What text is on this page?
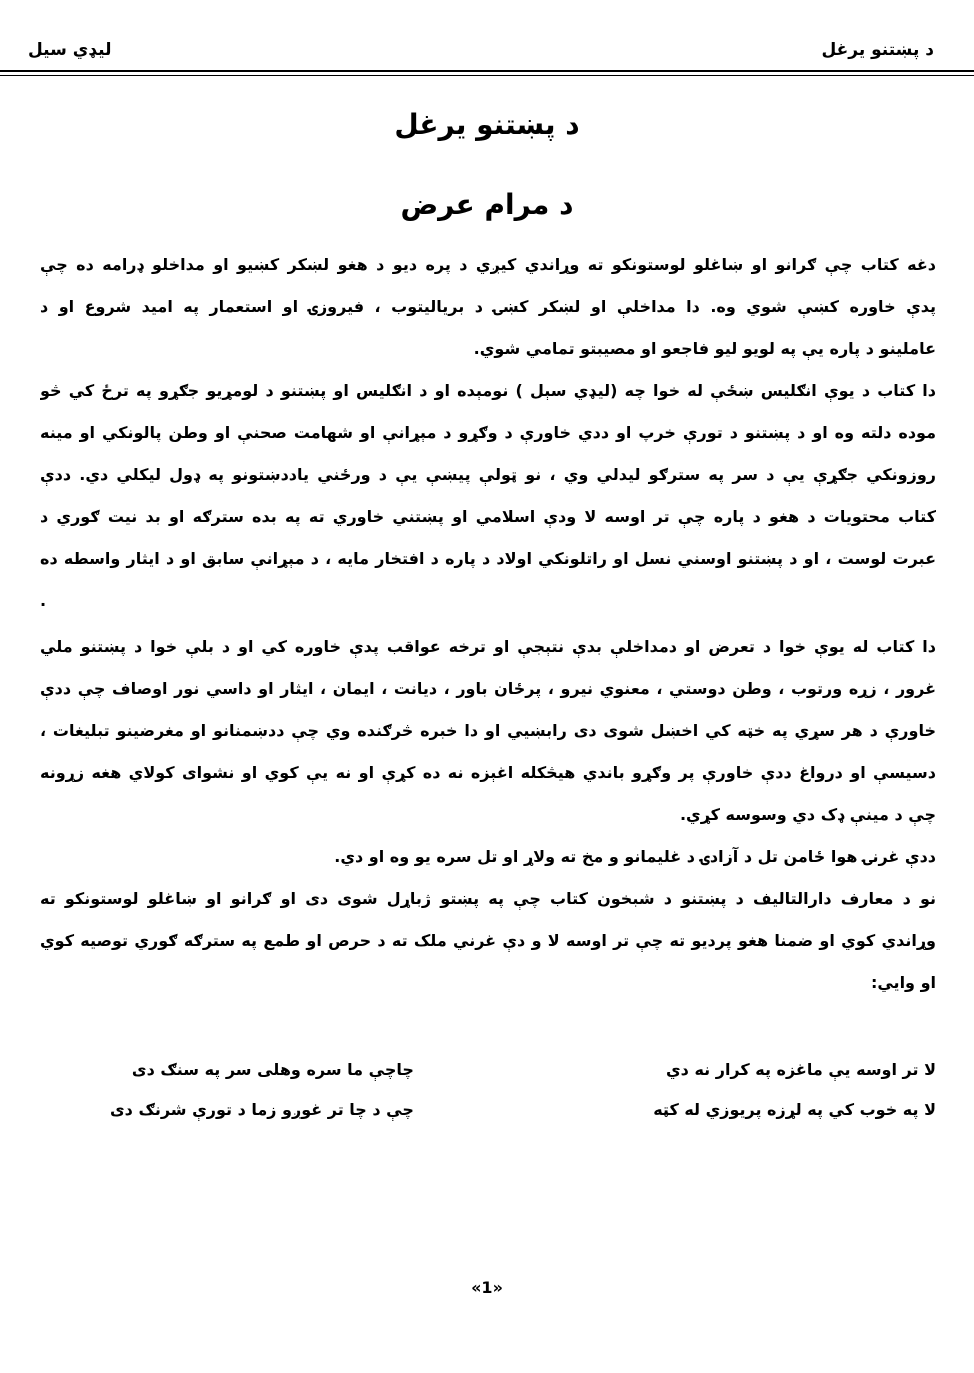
د پښتنو يرغل
ليډي سيل
د پښتنو يرغل
د مرام عرض
دغه کتاب چې ګرانو او ښاغلو لوستونکو ته وړاندي کيږي د پره ديو د هغو لښکر کښيو او مداخلو ډرامه ده چې
پدې خاوره کښې شوي وه. دا مداخلې او لښکر کښۍ د برياليتوب ، فيروزۍ او استعمار په اميد شروع او د
عاملينو د پاره يې په لويو ليو فاجعو او مصيبتو تمامي شوي.
دا کتاب د يوې انګليس ښځې له خوا چه (ليډي سېل ) نومېده او د انګليس او پښتنو د لومړيو جګړو په ترځ کي څو
موده دلته وه او د پښتنو د تورې خرپ او ددي خاورې د وګړو د مېړانې او شهامت صحنې او وطن پالونکي او مينه
روزونکي جګړې يې د سر په سترګو ليدلي وي ، نو ټولې پيښې يې د ورځني ياددښتونو په ډول ليکلي دي. ددې
کتاب محتويات د هغو د پاره چې تر اوسه لا ودې اسلامي او پښتني خاوري ته په بده سترګه او بد نيت ګوري د
عبرت لوست ، او د پښتنو اوسني نسل او راتلونکي اولاد د پاره د افتخار مايه ، د مېړانې سابق او د ايثار واسطه ده
.
دا کتاب له يوې خوا د تعرض او دمداخلې بدې نتېجې او ترخه عواقب پدې خاوره کي او د بلې خوا د پښتنو ملي
غرور ، زړه ورتوب ، وطن دوستي ، معنوي نيرو ، پرځان باور ، ديانت ، ايمان ، ايثار او داسي نور اوصاف چې ددې
خاورې د هر سړي په خټه کي اخښل شوی دی رابښيي او دا خبره څرګنده وي چې ددښمنانو او مغرضينو تبليغات ،
دسيسې او درواغ ددې خاورې پر وګړو باندي هيڅکله اغېزه نه ده کړې او نه يې کوي او نشوای کولاي هغه زړونه
چې د مينې ډک دي وسوسه کړي.
ددې غرنۍ هوا ځامن تل د آزادۍ د غليمانو و مخ ته ولاړ او تل سره يو وه او دي.
نو د معارف دارالتاليف د پښتنو د شبخون کتاب چې په پښتو ژباړل شوی دی او ګرانو او ښاغلو لوستونکو ته
وړاندي کوي او ضمنا هغو پرديو ته چې تر اوسه لا و دې غرني ملک ته د حرص او طمع په سترګه ګوري توصيه کوي
او وايي:
لا تر اوسه يې ماغزه په کرار نه دي
لا په خوب کي په لړزه پريوزي له کټه
چاچې ما سره وهلی سر په سنګ دی
چې د چا تر غوږو زما د تورې شرنګ دی
«1»
